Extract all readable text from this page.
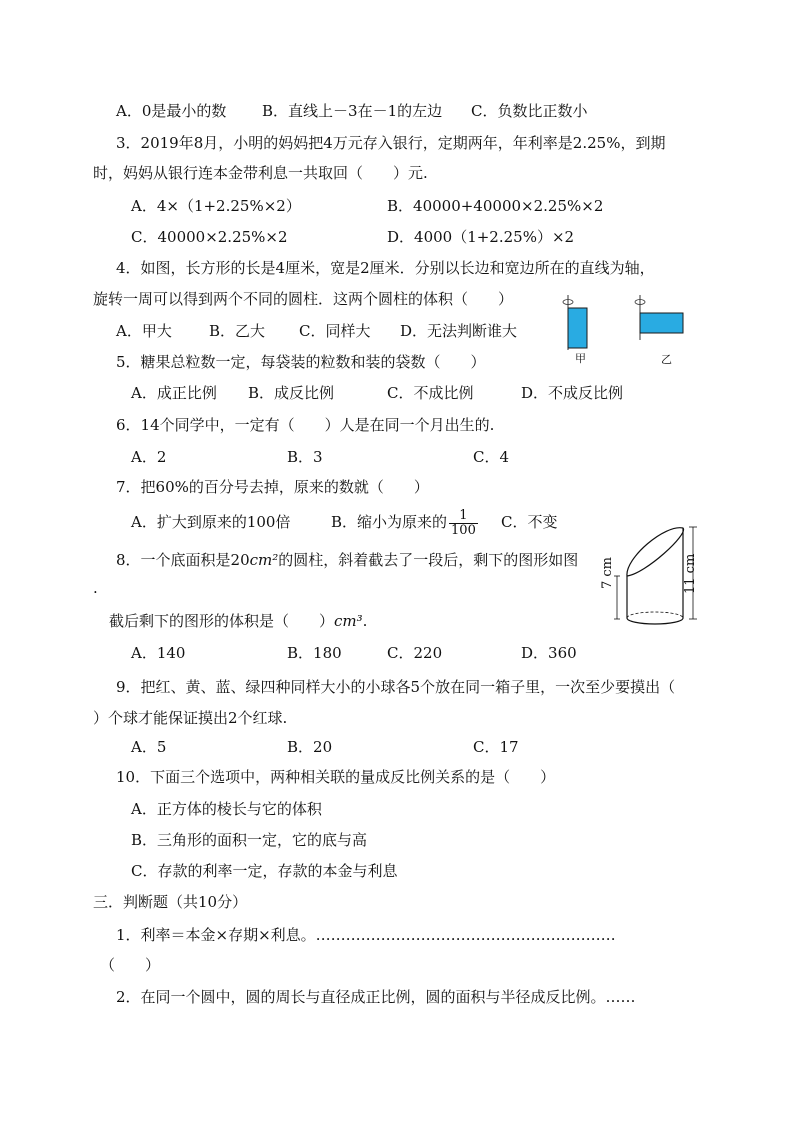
A．0是最小的数 B．直线上－3在－1的左边 C．负数比正数小
3．2019年8月，小明的妈妈把4万元存入银行，定期两年，年利率是2.25%，到期
时，妈妈从银行连本金带利息一共取回（　　）元.
A．4×（1+2.25%×2）	B．40000+40000×2.25%×2
C．40000×2.25%×2	D．4000（1+2.25%）×2
4．如图，长方形的长是4厘米，宽是2厘米．分别以长边和宽边所在的直线为轴，
旋转一周可以得到两个不同的圆柱．这两个圆柱的体积（　　）
A．甲大 B．乙大 C．同样大 D．无法判断谁大
甲	乙
5．糖果总粒数一定，每袋装的粒数和装的袋数（　　）
A．成正比例 B．成反比例	C．不成比例	D．不成反比例
6．14个同学中，一定有（　　）人是在同一个月出生的.
A．2	B．3	C．4
7．把60%的百分号去掉，原来的数就（　　）
A．扩大到原来的100倍	B．缩小为原来的 $\frac{1}{100}$ C．不变
8．一个底面积是20cm²的圆柱，斜着截去了一段后，剩下的图形如图
.
截后剩下的图形的体积是（　　）cm³.
A．140	B．180	C．220	D．360
7 cm	11 cm
9．把红、黄、蓝、绿四种同样大小的小球各5个放在同一箱子里，一次至少要摸出（
）个球才能保证摸出2个红球.
A．5	B．20	C．17
10．下面三个选项中，两种相关联的量成反比例关系的是（　　）
A．正方体的棱长与它的体积
B．三角形的面积一定，它的底与高
C．存款的利率一定，存款的本金与利息
三．判断题（共10分）
1．利率＝本金×存期×利息。……………………………………………………
（　　）
2．在同一个圆中，圆的周长与直径成正比例，圆的面积与半径成反比例。……
